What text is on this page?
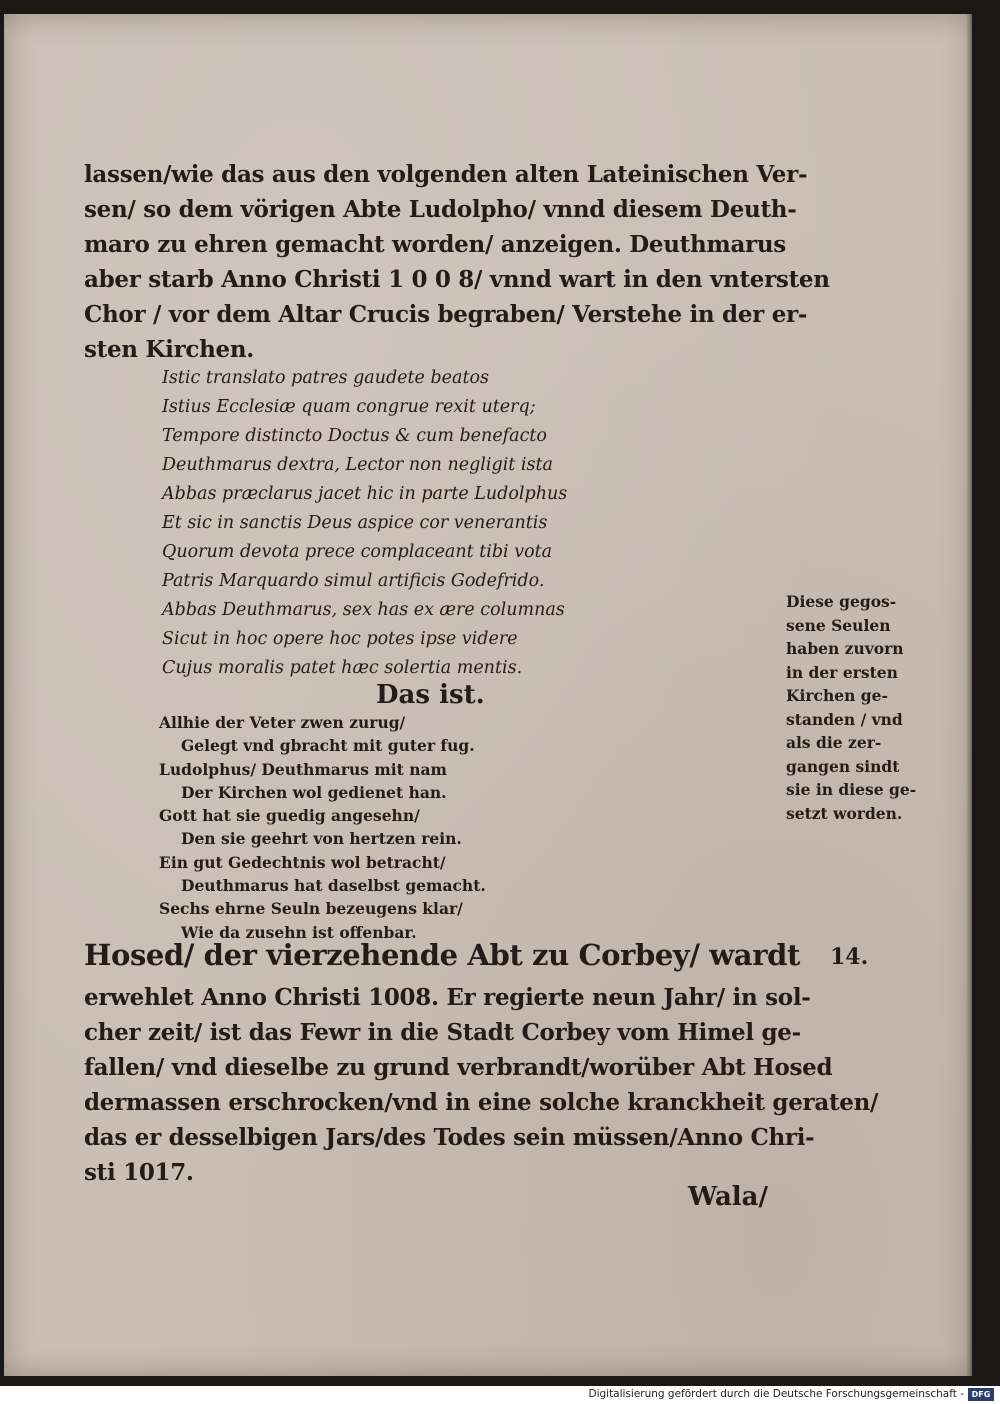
lassen/wie das aus den volgenden alten Lateinischen Ver-
sen/ so dem vörigen Abte Ludolpho/ vnnd diesem Deuth-
maro zu ehren gemacht worden/ anzeigen. Deuthmarus
aber starb Anno Christi 1 0 0 8/ vnnd wart in den vntersten
Chor / vor dem Altar Crucis begraben/ Verstehe in der er-
sten Kirchen.
Istic translato patres gaudete beatos
Istius Ecclesiæ quam congrue rexit uterq;
Tempore distincto Doctus & cum benefacto
Deuthmarus dextra, Lector non negligit ista
Abbas præclarus jacet hic in parte Ludolphus
Et sic in sanctis Deus aspice cor venerantis
Quorum devota prece complaceant tibi vota
Patris Marquardo simul artificis Godefrido.
Abbas Deuthmarus, sex has ex ære columnas
Sicut in hoc opere hoc potes ipse videre
Cujus moralis patet hæc solertia mentis.
Das ist.
Allhie der Veter zwen zurug/
Gelegt vnd gbracht mit guter fug.
Ludolphus/ Deuthmarus mit nam
Der Kirchen wol gedienet han.
Gott hat sie guedig angesehn/
Den sie geehrt von hertzen rein.
Ein gut Gedechtnis wol betracht/
Deuthmarus hat daselbst gemacht.
Sechs ehrne Seuln bezeugens klar/
Wie da zusehn ist offenbar.
Diese gegos-
sene Seulen
haben zuvorn
in der ersten
Kirchen ge-
standen / vnd
als die zer-
gangen sindt
sie in diese ge-
setzt worden.
Hosed/ der vierzehende Abt zu Corbey/ wardt 14.
erwehlet Anno Christi 1008. Er regierte neun Jahr/ in sol-
cher zeit/ ist das Fewr in die Stadt Corbey vom Himel ge-
fallen/ vnd dieselbe zu grund verbrandt/worüber Abt Hosed
dermassen erschrocken/vnd in eine solche kranckheit geraten/
das er desselbigen Jars/des Todes sein müssen/Anno Chri-
sti 1017.
Wala/
Digitalisierung gefördert durch die Deutsche Forschungsgemeinschaft - DFG
